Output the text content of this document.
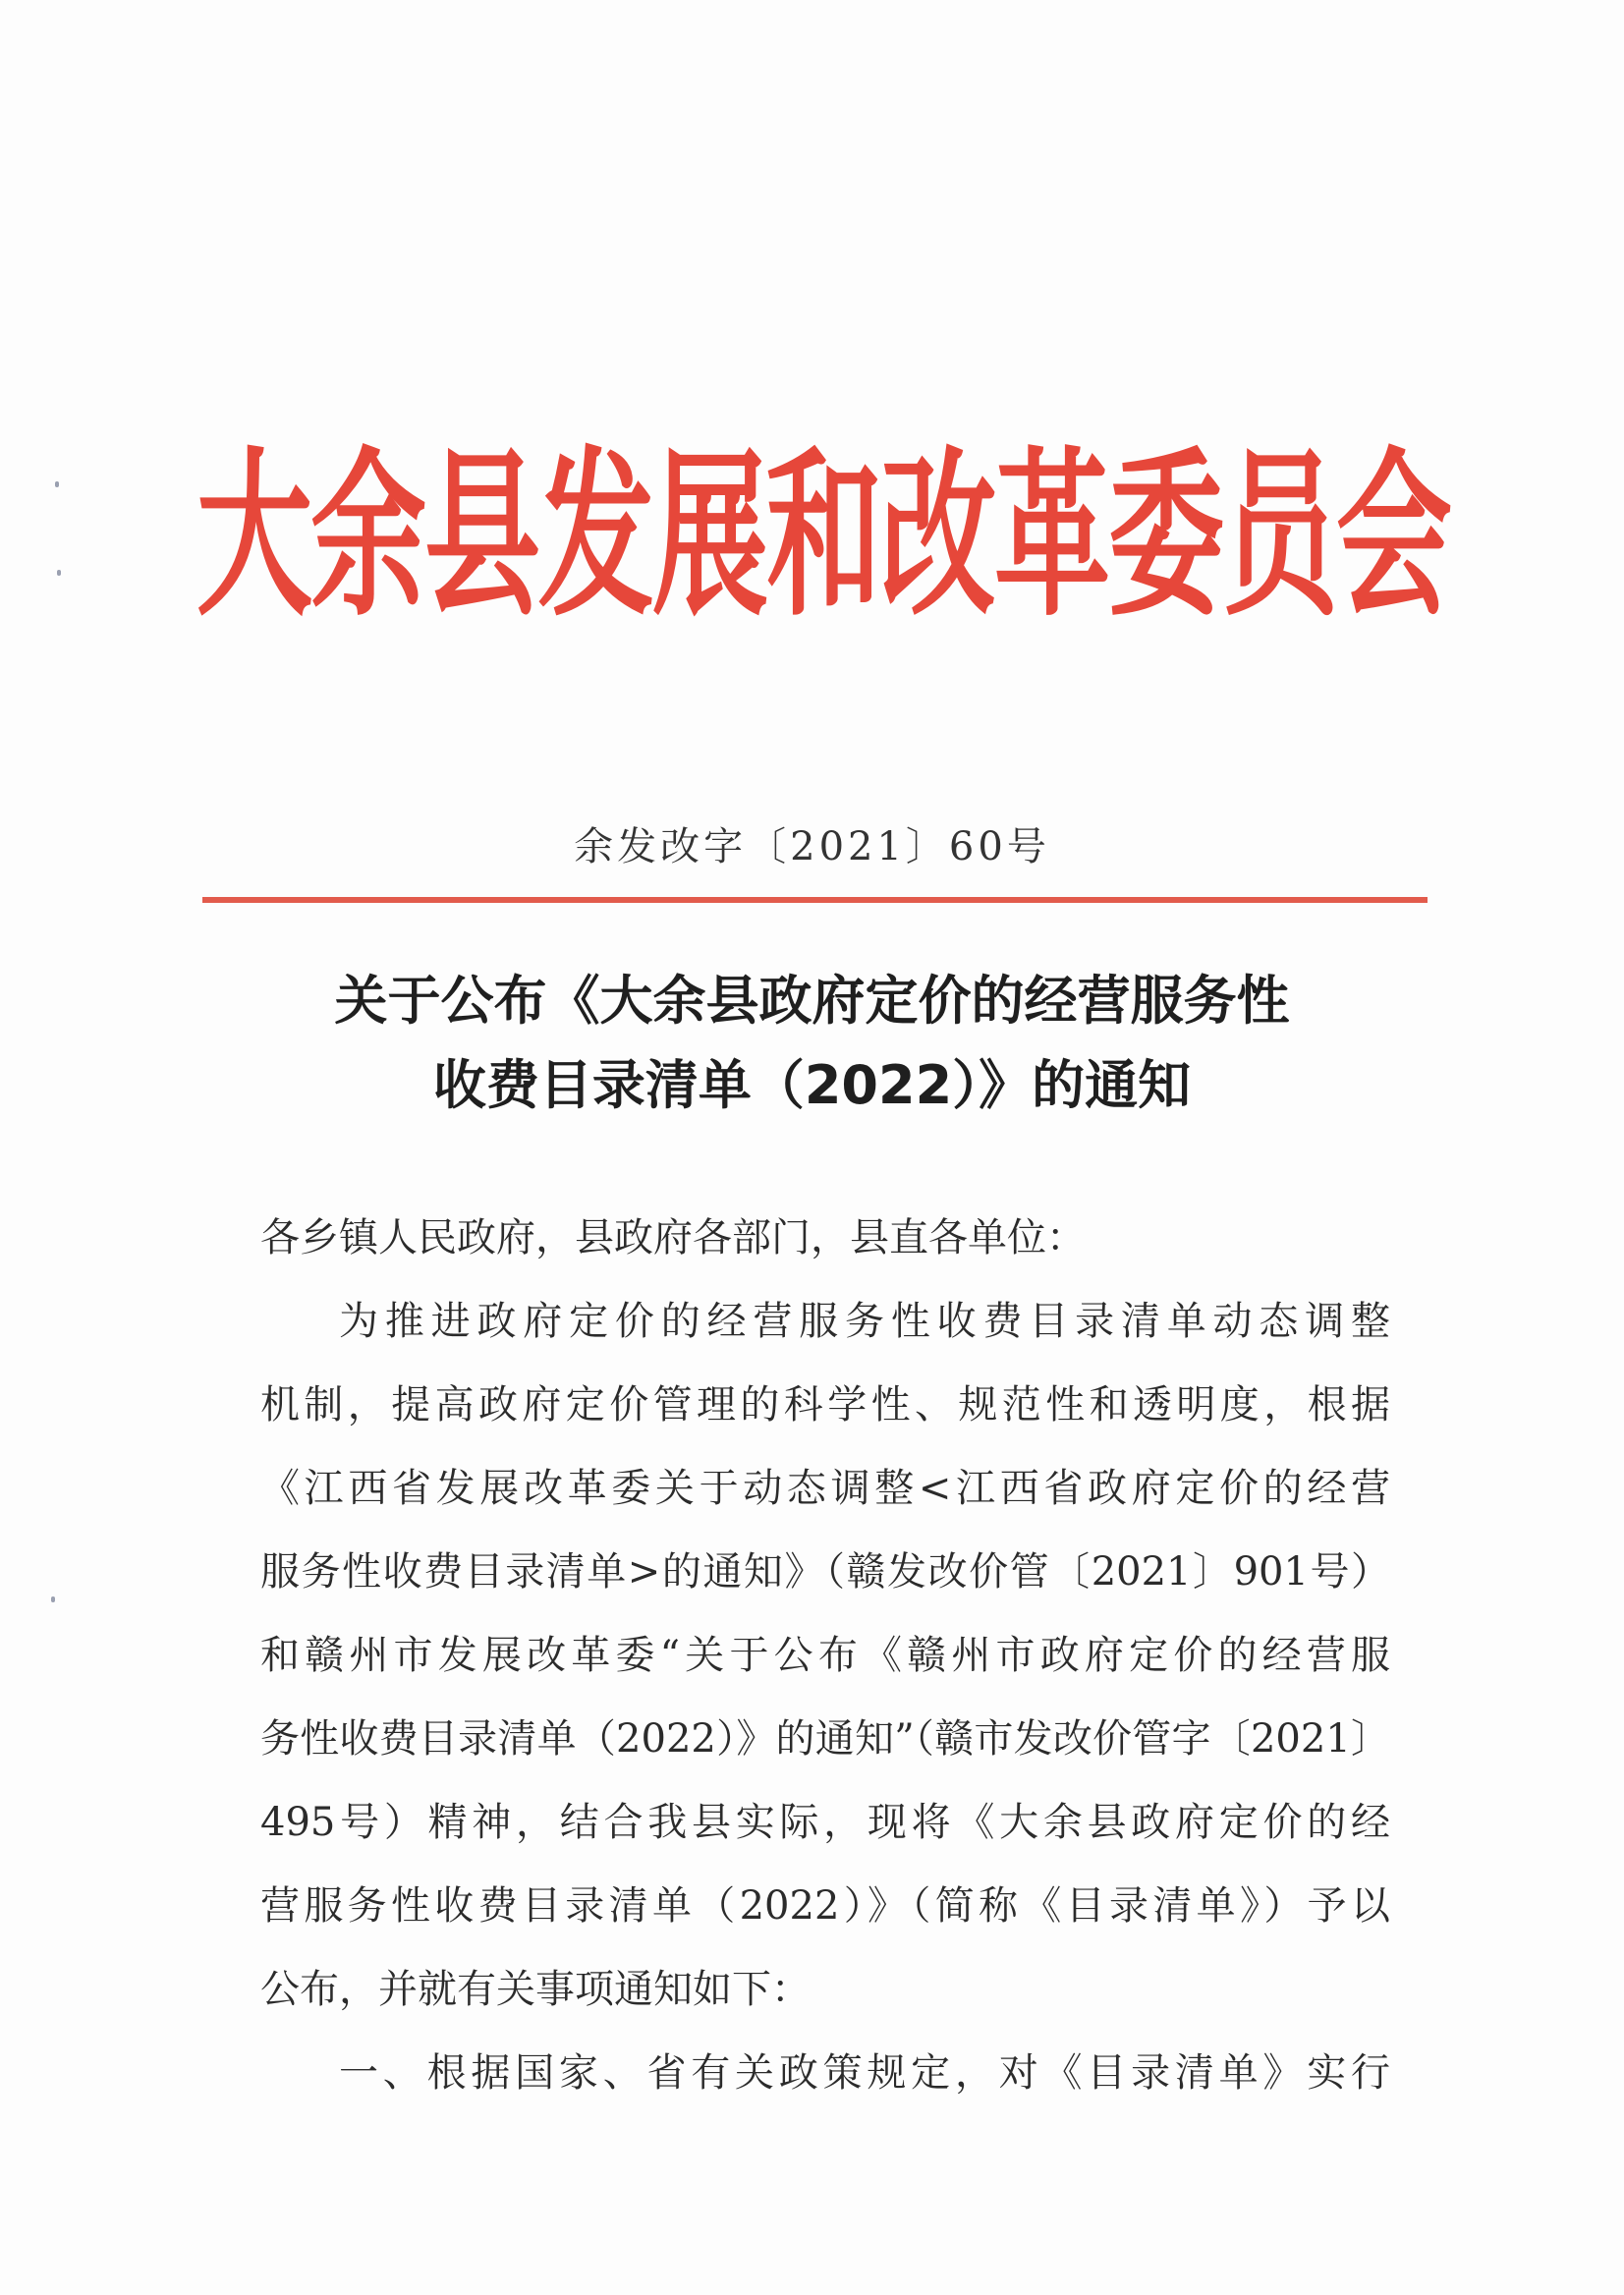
大余县发展和改革委员会
余发改字〔2021〕60号
关于公布《大余县政府定价的经营服务性
收费目录清单（2022）》的通知
各乡镇人民政府，县政府各部门，县直各单位：
为推进政府定价的经营服务性收费目录清单动态调整
机制，提高政府定价管理的科学性、规范性和透明度，根据
《江西省发展改革委关于动态调整<江西省政府定价的经营
服务性收费目录清单>的通知》（赣发改价管〔2021〕901号）
和赣州市发展改革委“关于公布《赣州市政府定价的经营服
务性收费目录清单（2022）》的通知”（赣市发改价管字〔2021〕
495号）精神，结合我县实际，现将《大余县政府定价的经
营服务性收费目录清单（2022）》（简称《目录清单》）予以
公布，并就有关事项通知如下：
一、根据国家、省有关政策规定，对《目录清单》实行
